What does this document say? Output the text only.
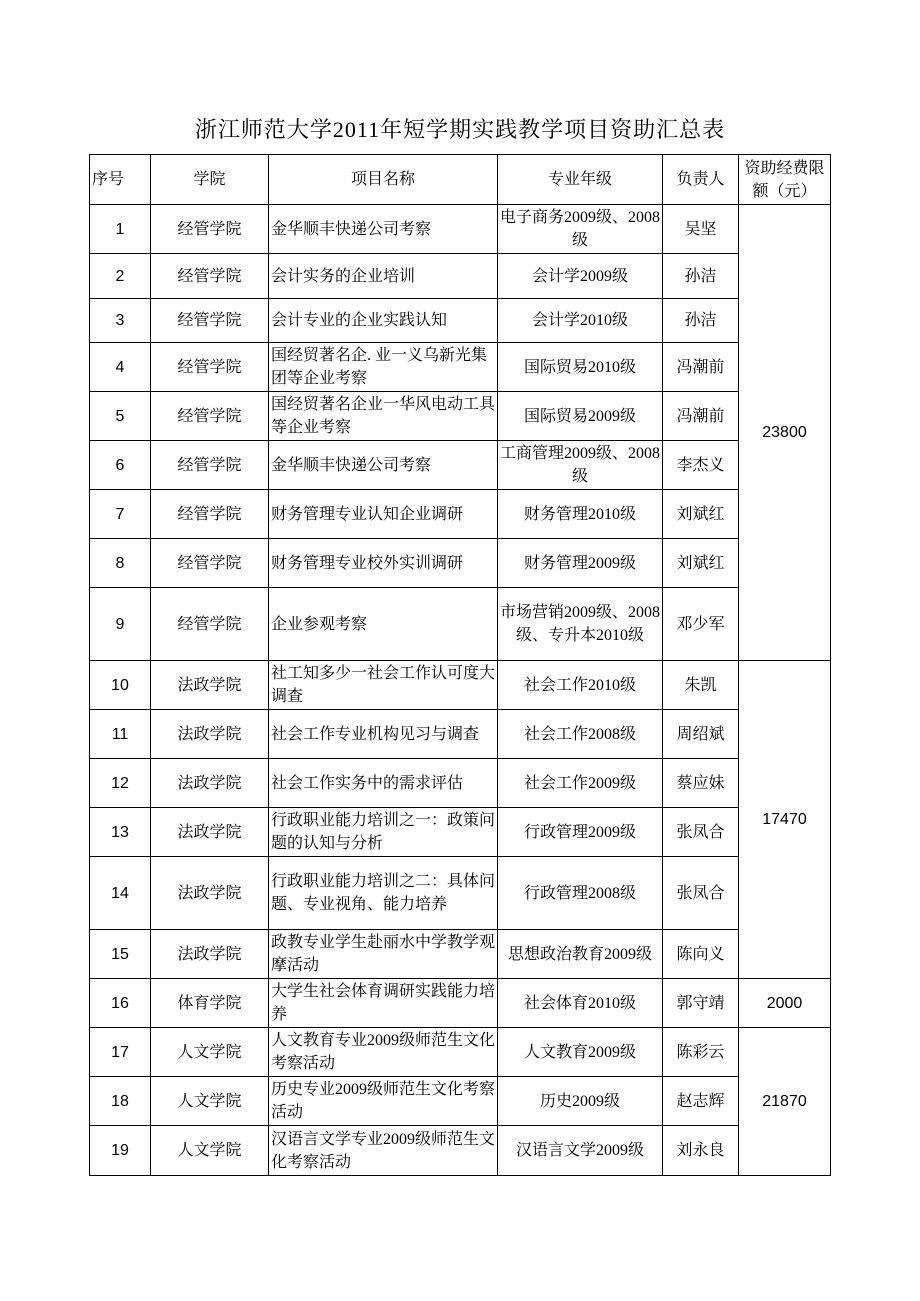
浙江师范大学2011年短学期实践教学项目资助汇总表
序号	学院	项目名称	专业年级	负责人	资助经费限额（元）
1	经管学院	金华顺丰快递公司考察	电子商务2009级、2008级	吴坚	23800
2	经管学院	会计实务的企业培训	会计学2009级	孙洁	
3	经管学院	会计专业的企业实践认知	会计学2010级	孙洁	
4	经管学院	国经贸著名企. 业一义乌新光集团等企业考察	国际贸易2010级	冯潮前	
5	经管学院	国经贸著名企业一华风电动工具等企业考察	国际贸易2009级	冯潮前	
6	经管学院	金华顺丰快递公司考察	工商管理2009级、2008级	李杰义	
7	经管学院	财务管理专业认知企业调研	财务管理2010级	刘斌红	
8	经管学院	财务管理专业校外实训调研	财务管理2009级	刘斌红	
9	经管学院	企业参观考察	市场营销2009级、2008级、专升本2010级	邓少军	
10	法政学院	社工知多少一社会工作认可度大调查	社会工作2010级	朱凯	17470
11	法政学院	社会工作专业机构见习与调查	社会工作2008级	周绍斌	
12	法政学院	社会工作实务中的需求评估	社会工作2009级	蔡应妹	
13	法政学院	行政职业能力培训之一：政策问题的认知与分析	行政管理2009级	张凤合	
14	法政学院	行政职业能力培训之二：具体问题、专业视角、能力培养	行政管理2008级	张凤合	
15	法政学院	政教专业学生赴丽水中学教学观摩活动	思想政治教育2009级	陈向义	
16	体育学院	大学生社会体育调研实践能力培养	社会体育2010级	郭守靖	2000
17	人文学院	人文教育专业2009级师范生文化考察活动	人文教育2009级	陈彩云	21870
18	人文学院	历史专业2009级师范生文化考察活动	历史2009级	赵志辉	
19	人文学院	汉语言文学专业2009级师范生文化考察活动	汉语言文学2009级	刘永良	
